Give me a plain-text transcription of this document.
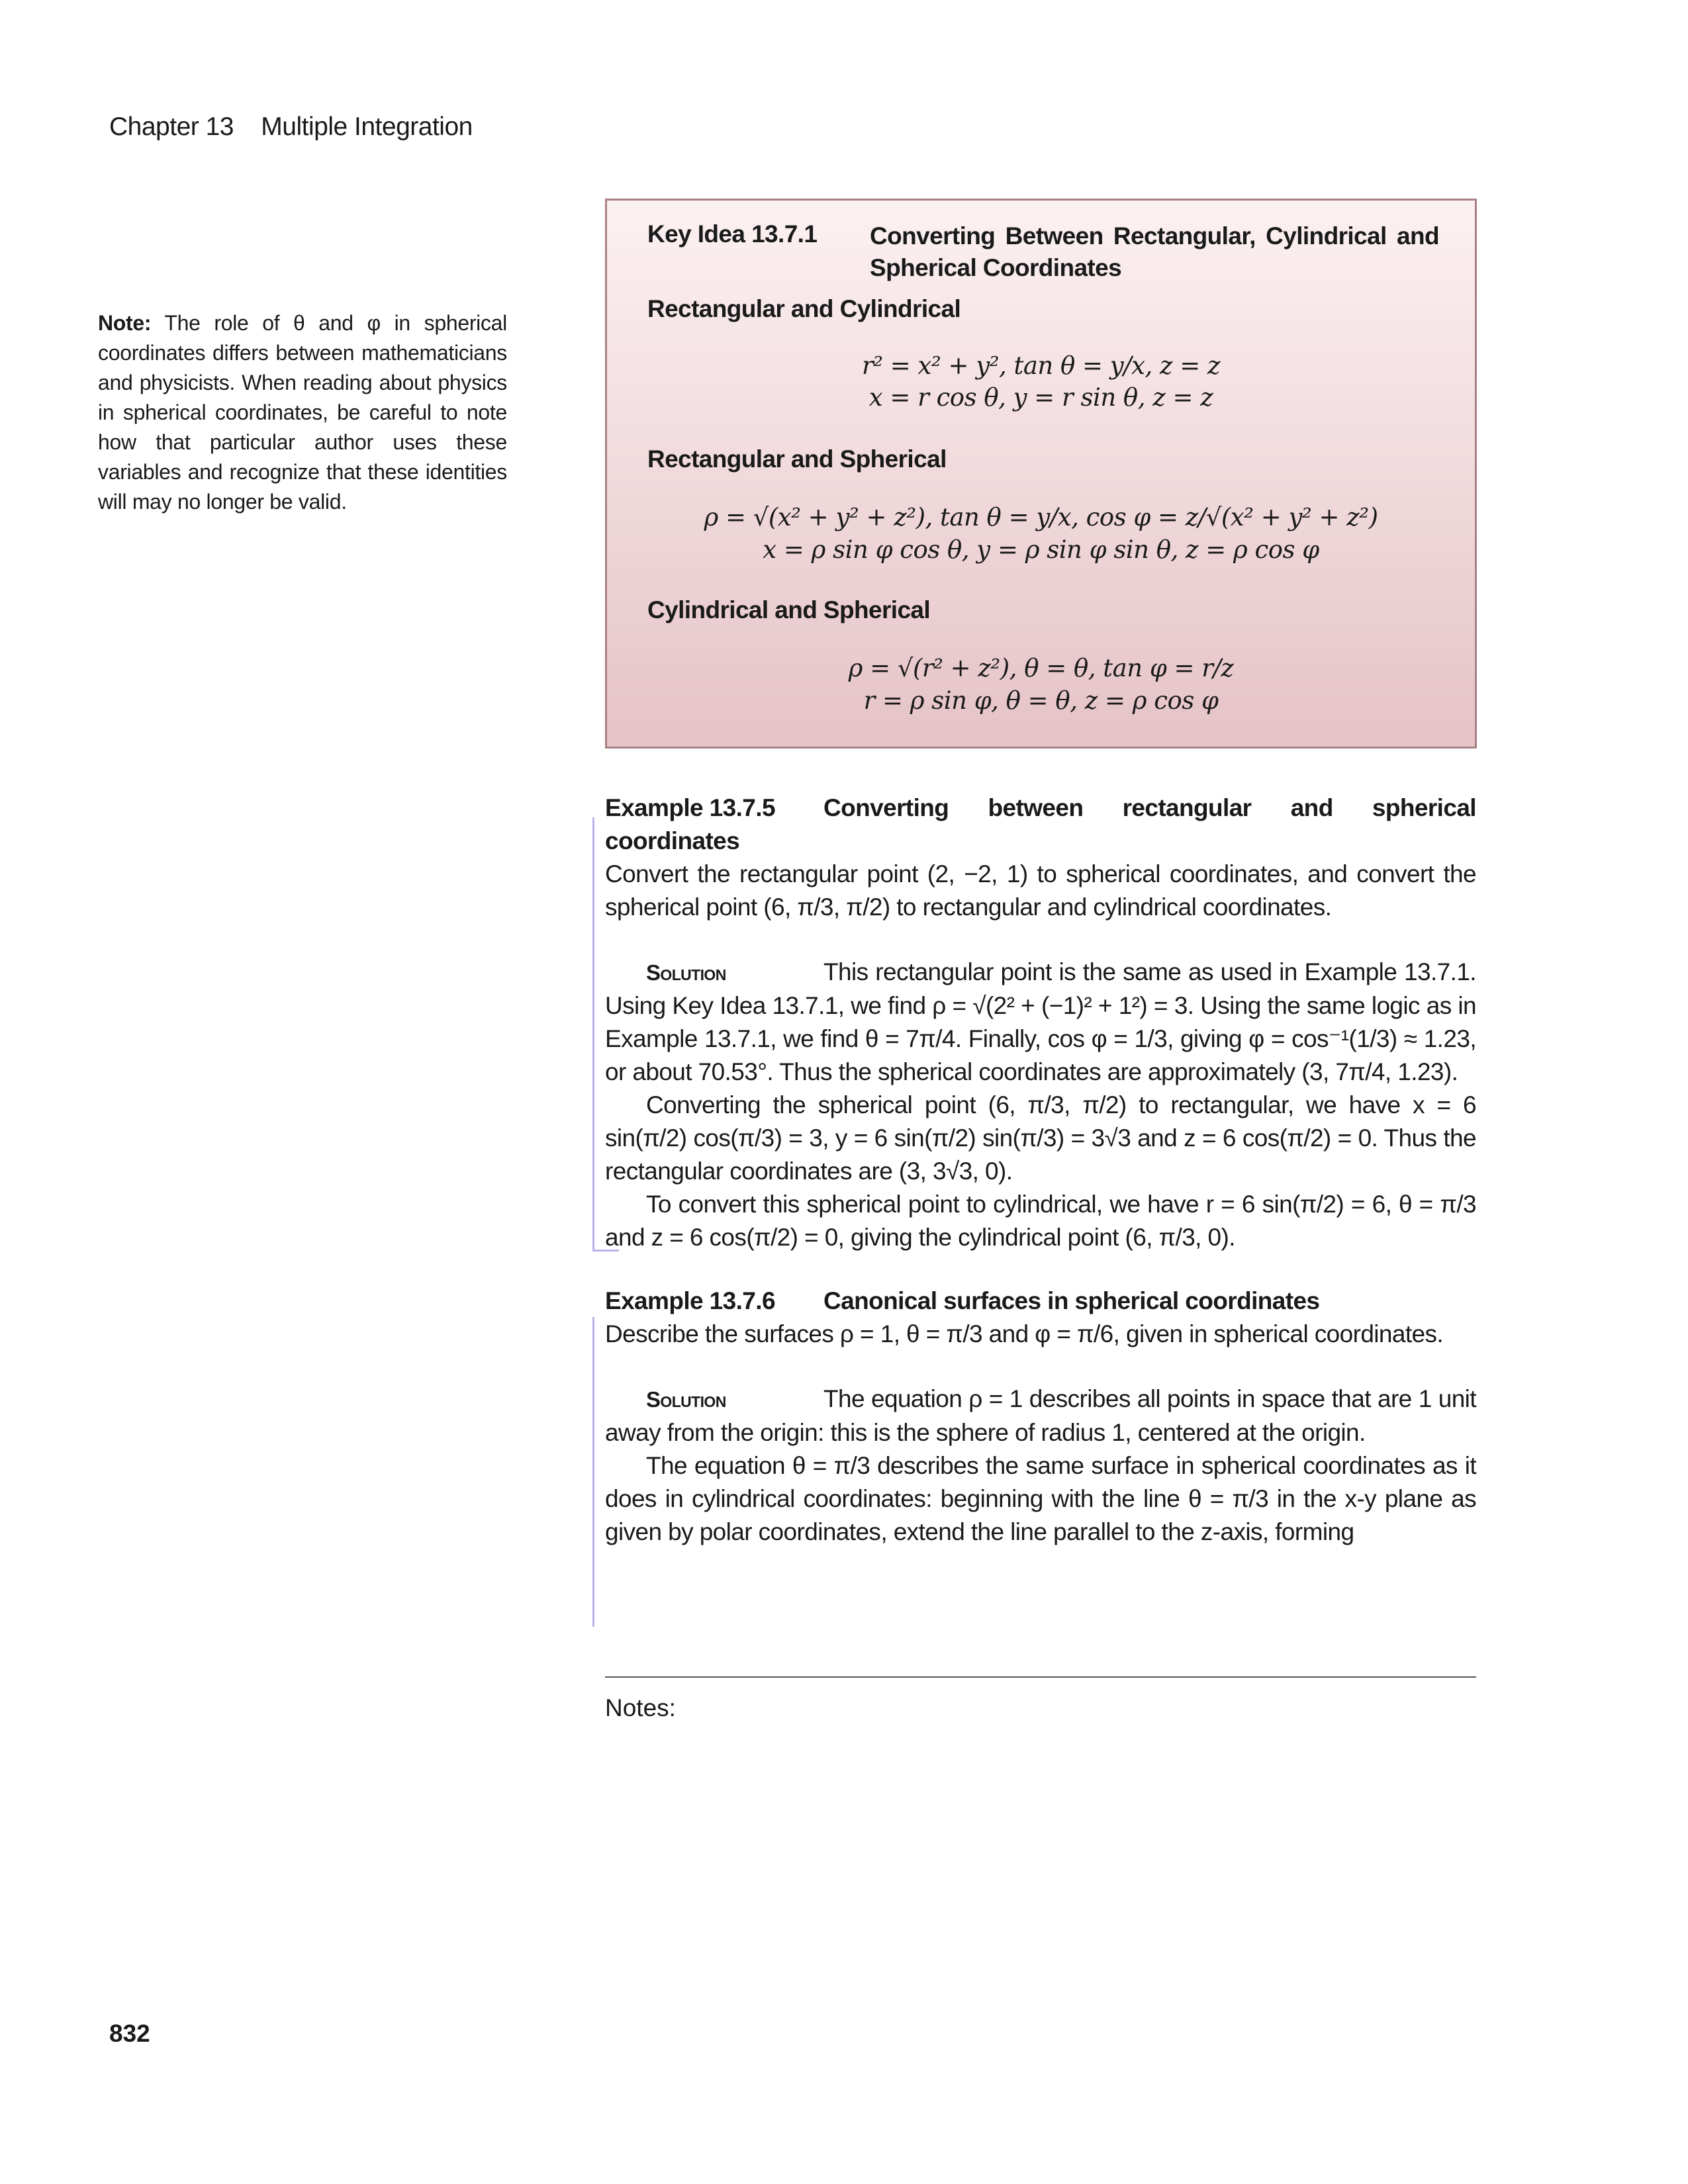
Chapter 13    Multiple Integration
Note: The role of θ and φ in spherical coordinates differs between mathematicians and physicists. When reading about physics in spherical coordinates, be careful to note how that particular author uses these variables and recognize that these identities will may no longer be valid.
Key Idea 13.7.1 Converting Between Rectangular, Cylindrical and Spherical Coordinates
Rectangular and Cylindrical
r² = x² + y², tan θ = y/x, z = z
x = r cos θ, y = r sin θ, z = z
Rectangular and Spherical
ρ = √(x² + y² + z²), tan θ = y/x, cos φ = z/√(x² + y² + z²)
x = ρ sin φ cos θ, y = ρ sin φ sin θ, z = ρ cos φ
Cylindrical and Spherical
ρ = √(r² + z²), θ = θ, tan φ = r/z
r = ρ sin φ, θ = θ, z = ρ cos φ

Example 13.7.5 Converting between rectangular and spherical coordinates

Convert the rectangular point (2, −2, 1) to spherical coordinates, and convert the spherical point (6, π/3, π/2) to rectangular and cylindrical coordinates.

Solution	This rectangular point is the same as used in Example 13.7.1. Using Key Idea 13.7.1, we find ρ = √(2² + (−1)² + 1²) = 3. Using the same logic as in Example 13.7.1, we find θ = 7π/4. Finally, cos φ = 1/3, giving φ = cos⁻¹(1/3) ≈ 1.23, or about 70.53°. Thus the spherical coordinates are approximately (3, 7π/4, 1.23).

Converting the spherical point (6, π/3, π/2) to rectangular, we have x = 6 sin(π/2) cos(π/3) = 3, y = 6 sin(π/2) sin(π/3) = 3√3 and z = 6 cos(π/2) = 0. Thus the rectangular coordinates are (3, 3√3, 0).

To convert this spherical point to cylindrical, we have r = 6 sin(π/2) = 6, θ = π/3 and z = 6 cos(π/2) = 0, giving the cylindrical point (6, π/3, 0).

Example 13.7.6 Canonical surfaces in spherical coordinates

Describe the surfaces ρ = 1, θ = π/3 and φ = π/6, given in spherical coordinates.

Solution	The equation ρ = 1 describes all points in space that are 1 unit away from the origin: this is the sphere of radius 1, centered at the origin.

The equation θ = π/3 describes the same surface in spherical coordinates as it does in cylindrical coordinates: beginning with the line θ = π/3 in the x-y plane as given by polar coordinates, extend the line parallel to the z-axis, forming

Notes:
832
